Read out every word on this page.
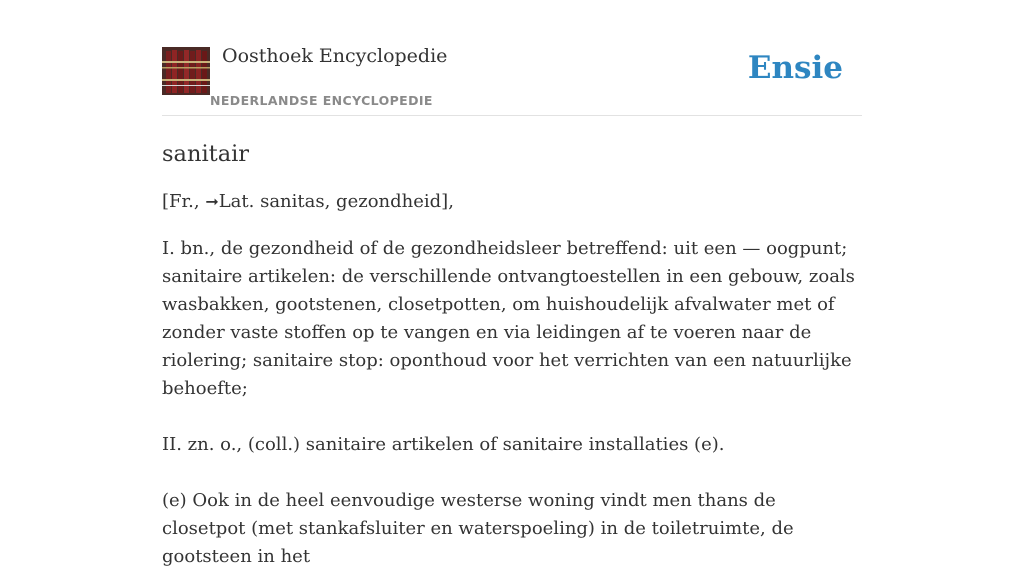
Oosthoek Encyclopedie
NEDERLANDSE ENCYCLOPEDIE
Ensie
sanitair

[Fr., ➞Lat. sanitas, gezondheid],

I. bn., de gezondheid of de gezondheidsleer betreffend: uit een — oogpunt; sanitaire artikelen: de verschillende ontvangtoestellen in een gebouw, zoals wasbakken, gootstenen, closetpotten, om huishoudelijk afvalwater met of zonder vaste stoffen op te vangen en via leidingen af te voeren naar de riolering; sanitaire stop: oponthoud voor het verrichten van een natuurlijke behoefte;

II. zn. o., (coll.) sanitaire artikelen of sanitaire installaties (e).

(e) Ook in de heel eenvoudige westerse woning vindt men thans de closetpot (met stankafsluiter en waterspoeling) in de toiletruimte, de gootsteen in het
